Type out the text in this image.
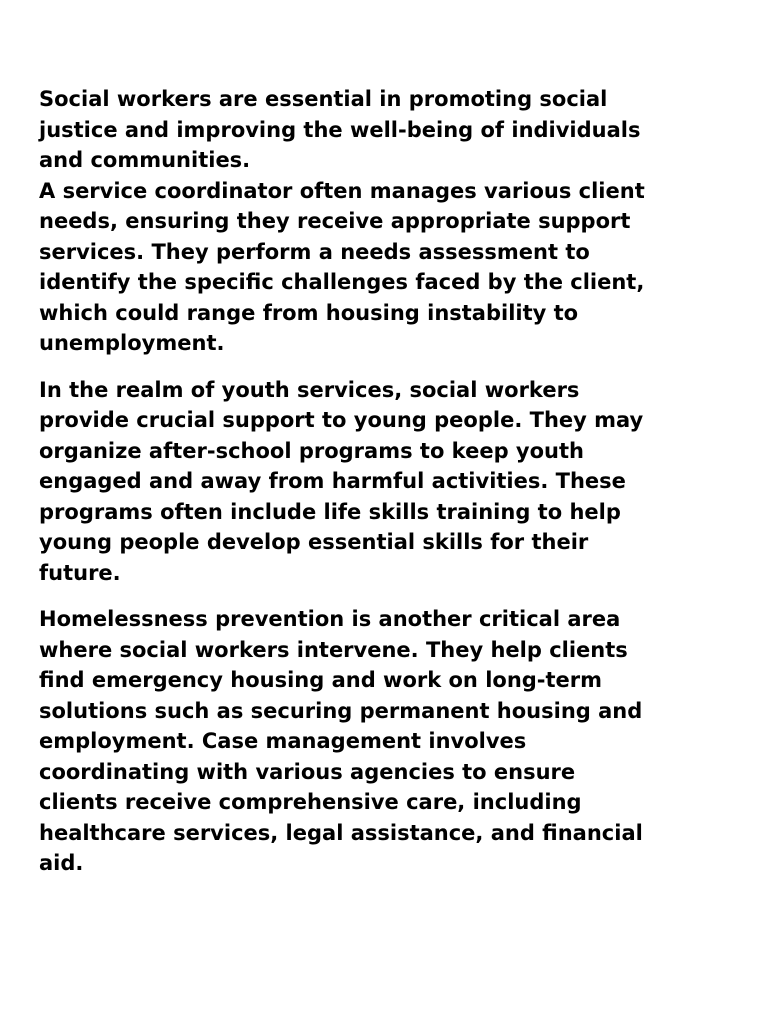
Social workers are essential in promoting social
justice and improving the well-being of individuals
and communities.
A service coordinator often manages various client
needs, ensuring they receive appropriate support
services. They perform a needs assessment to
identify the specific challenges faced by the client,
which could range from housing instability to
unemployment.

In the realm of youth services, social workers
provide crucial support to young people. They may
organize after-school programs to keep youth
engaged and away from harmful activities. These
programs often include life skills training to help
young people develop essential skills for their
future.

Homelessness prevention is another critical area
where social workers intervene. They help clients
find emergency housing and work on long-term
solutions such as securing permanent housing and
employment. Case management involves
coordinating with various agencies to ensure
clients receive comprehensive care, including
healthcare services, legal assistance, and financial
aid.
